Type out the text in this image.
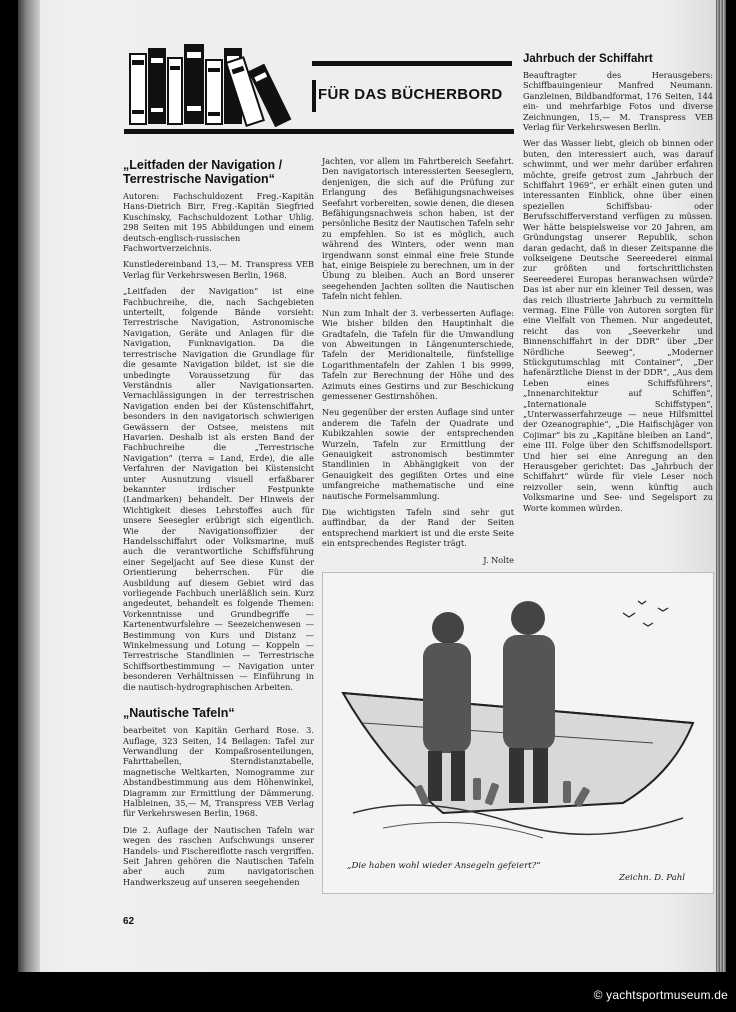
FÜR DAS BÜCHERBORD
Jahrbuch der Schiffahrt
„Leitfaden der Navigation / Terrestrische Navigation“

Autoren: Fachschuldozent Freg.-Kapitän Hans-Dietrich Birr, Freg.-Kapitän Siegfried Kuschinsky, Fachschuldozent Lothar Uhlig. 298 Seiten mit 195 Abbildungen und einem deutsch-englisch-russischen Fachwortverzeichnis.

Kunstledereinband 13,— M. Transpress VEB Verlag für Verkehrswesen Berlin, 1968.

„Leitfaden der Navigation“ ist eine Fachbuchreihe, die, nach Sachgebieten unterteilt, folgende Bände vorsieht: Terrestrische Navigation, Astronomische Navigation, Geräte und Anlagen für die Navigation, Funknavigation. Da die terrestrische Navigation die Grundlage für die gesamte Navigation bildet, ist sie die unbedingte Voraussetzung für das Verständnis aller Navigationsarten. Vernachlässigungen in der terrestrischen Navigation enden bei der Küstenschiffahrt, besonders in den navigatorisch schwierigen Gewässern der Ostsee, meistens mit Havarien. Deshalb ist als ersten Band der Fachbuchreihe die „Terrestrische Navigation“ (terra = Land, Erde), die alle Verfahren der Navigation bei Küstensicht unter Ausnutzung visuell erfaßbarer bekannter irdischer Festpunkte (Landmarken) behandelt. Der Hinweis der Wichtigkeit dieses Lehrstoffes auch für unsere Seesegler erübrigt sich eigentlich. Wie der Navigationsoffizier der Handelsschiffahrt oder Volksmarine, muß auch die verantwortliche Schiffsführung einer Segeljacht auf See diese Kunst der Orientierung beherrschen. Für die Ausbildung auf diesem Gebiet wird das vorliegende Fachbuch unerläßlich sein. Kurz angedeutet, behandelt es folgende Themen: Vorkenntnisse und Grundbegriffe — Kartenentwurfslehre — Seezeichenwesen — Bestimmung von Kurs und Distanz — Winkelmessung und Lotung — Koppeln — Terrestrische Standlinien — Terrestrische Schiffsortbestimmung — Navigation unter besonderen Verhältnissen — Einführung in die nautisch-hydrographischen Arbeiten.

„Nautische Tafeln“

bearbeitet von Kapitän Gerhard Rose. 3. Auflage, 323 Seiten, 14 Beilagen: Tafel zur Verwandlung der Kompaßrosenteilungen, Fahrttabellen, Sterndistanztabelle, magnetische Weltkarten, Nomogramme zur Abstandbestimmung aus dem Höhenwinkel, Diagramm zur Ermittlung der Dämmerung. Halbleinen, 35,— M, Transpress VEB Verlag für Verkehrswesen Berlin, 1968.

Die 2. Auflage der Nautischen Tafeln war wegen des raschen Aufschwungs unserer Handels- und Fischereiflotte rasch vergriffen. Seit Jahren gehören die Nautischen Tafeln aber auch zum navigatorischen Handwerkszeug auf unseren seegehenden

Jachten, vor allem im Fahrtbereich Seefahrt. Den navigatorisch interessierten Seeseglern, denjenigen, die sich auf die Prüfung zur Erlangung des Befähigungsnachweises Seefahrt vorbereiten, sowie denen, die diesen Befähigungsnachweis schon haben, ist der persönliche Besitz der Nautischen Tafeln sehr zu empfehlen. So ist es möglich, auch während des Winters, oder wenn man irgendwann sonst einmal eine freie Stunde hat, einige Beispiele zu berechnen, um in der Übung zu bleiben. Auch an Bord unserer seegehenden Jachten sollten die Nautischen Tafeln nicht fehlen.

Nun zum Inhalt der 3. verbesserten Auflage: Wie bisher bilden den Hauptinhalt die Gradtafeln, die Tafeln für die Umwandlung von Abweitungen in Längenunterschiede, Tafeln der Meridionalteile, fünfstellige Logarithmentafeln der Zahlen 1 bis 9999, Tafeln zur Berechnung der Höhe und des Azimuts eines Gestirns und zur Beschickung gemessener Gestirnshöhen.

Neu gegenüber der ersten Auflage sind unter anderem die Tafeln der Quadrate und Kubikzahlen sowie der entsprechenden Wurzeln, Tafeln zur Ermittlung der Genauigkeit astronomisch bestimmter Standlinien in Abhängigkeit von der Genauigkeit des gegißten Ortes und eine umfangreiche mathematische und eine nautische Formelsammlung.

Die wichtigsten Tafeln sind sehr gut auffindbar, da der Rand der Seiten entsprechend markiert ist und die erste Seite ein entsprechendes Register trägt.

J. Nolte

Beauftragter des Herausgebers: Schiffbauingenieur Manfred Neumann. Ganzleinen, Bildbandformat, 176 Seiten, 144 ein- und mehrfarbige Fotos und diverse Zeichnungen, 15,— M. Transpress VEB Verlag für Verkehrswesen Berlin.

Wer das Wasser liebt, gleich ob binnen oder buten, den interessiert auch, was darauf schwimmt, und wer mehr darüber erfahren möchte, greife getrost zum „Jahrbuch der Schiffahrt 1969“, er erhält einen guten und interessanten Einblick, ohne über einen speziellen Schiffsbau- oder Berufsschifferverstand verfügen zu müssen. Wer hätte beispielsweise vor 20 Jahren, am Gründungstag unserer Republik, schon daran gedacht, daß in dieser Zeitspanne die volkseigene Deutsche Seereederei einmal zur größten und fortschrittlichsten Seereederei Europas heranwachsen würde? Das ist aber nur ein kleiner Teil dessen, was das reich illustrierte Jahrbuch zu vermitteln vermag. Eine Fülle von Autoren sorgten für eine Vielfalt von Themen. Nur angedeutet, reicht das von „Seeverkehr und Binnenschiffahrt in der DDR“ über „Der Nördliche Seeweg“, „Moderner Stückgutumschlag mit Container“, „Der hafenärztliche Dienst in der DDR“, „Aus dem Leben eines Schiffsführers“, „Innenarchitektur auf Schiffen“, „Internationale Schiffstypen“, „Unterwasserfahrzeuge — neue Hilfsmittel der Ozeanographie“, „Die Haifischjäger von Cojimar“ bis zu „Kapitäne bleiben an Land“, eine III. Folge über den Schiffsmodellsport. Und hier sei eine Anregung an den Herausgeber gerichtet: Das „Jahrbuch der Schiffahrt“ würde für viele Leser noch reizvoller sein, wenn künftig auch Volksmarine und See- und Segelsport zu Worte kommen würden.

„Die haben wohl wieder Ansegeln gefeiert?“
Zeichn. D. Pahl
62
© yachtsportmuseum.de
